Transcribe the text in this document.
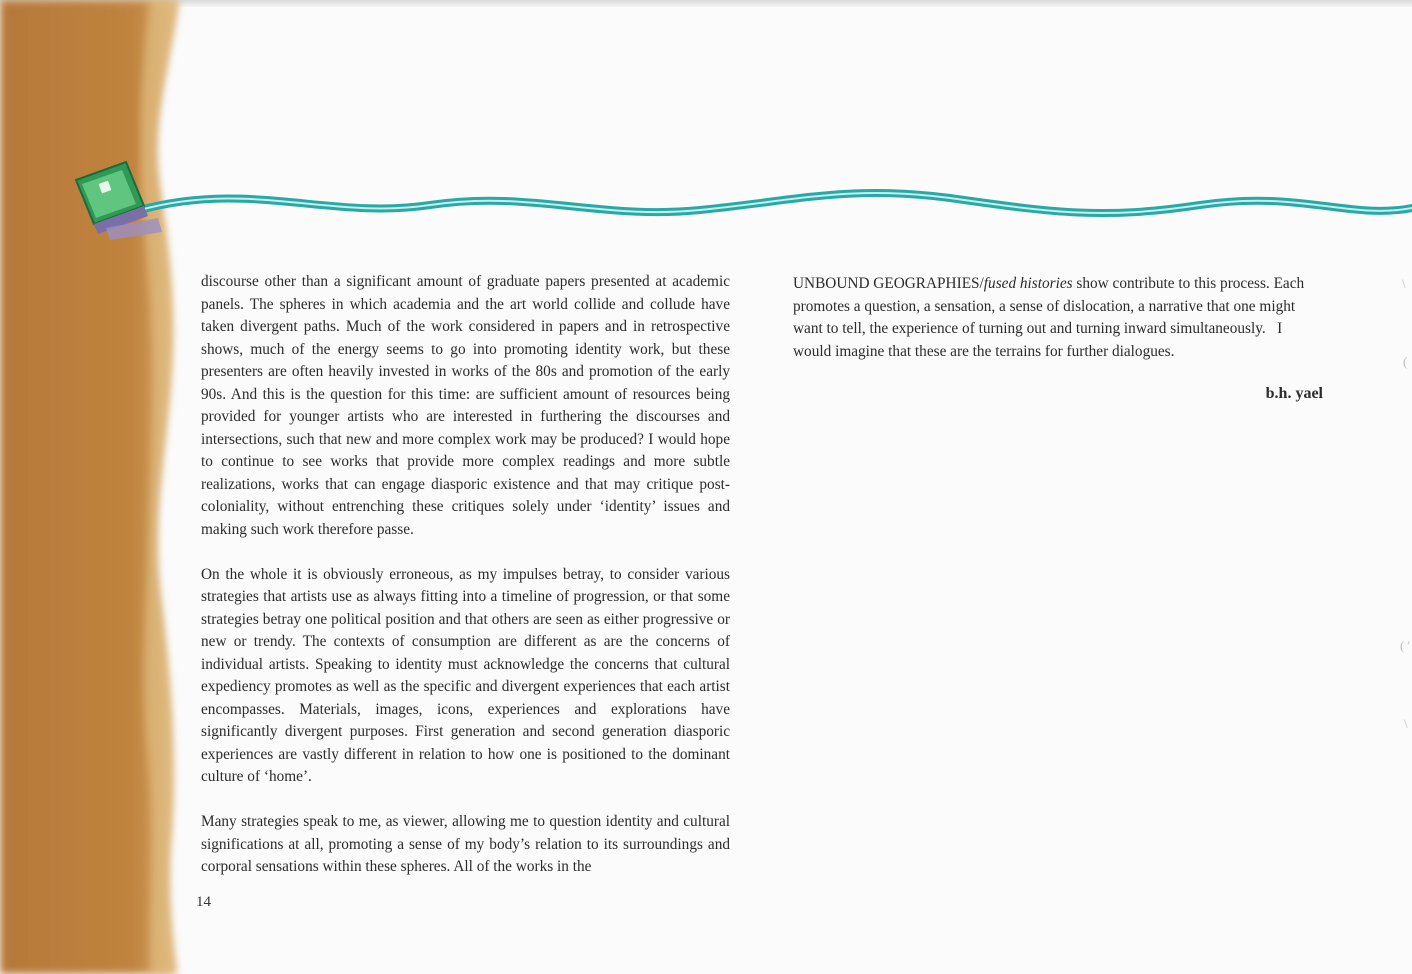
discourse other than a significant amount of graduate papers presented at academic panels. The spheres in which academia and the art world collide and collude have taken divergent paths. Much of the work considered in papers and in retrospective shows, much of the energy seems to go into promoting identity work, but these presenters are often heavily invested in works of the 80s and promotion of the early 90s. And this is the question for this time: are sufficient amount of resources being provided for younger artists who are interested in furthering the discourses and intersections, such that new and more complex work may be produced? I would hope to continue to see works that provide more complex readings and more subtle realizations, works that can engage diasporic existence and that may critique post-coloniality, without entrenching these critiques solely under ‘identity’ issues and making such work therefore passe.

On the whole it is obviously erroneous, as my impulses betray, to consider various strategies that artists use as always fitting into a timeline of progression, or that some strategies betray one political position and that others are seen as either progressive or new or trendy. The contexts of consumption are different as are the concerns of individual artists. Speaking to identity must acknowledge the concerns that cultural expediency promotes as well as the specific and divergent experiences that each artist encompasses. Materials, images, icons, experiences and explorations have significantly divergent purposes. First generation and second generation diasporic experiences are vastly different in relation to how one is positioned to the dominant culture of ‘home’.

Many strategies speak to me, as viewer, allowing me to question identity and cultural significations at all, promoting a sense of my body’s relation to its surroundings and corporal sensations within these spheres. All of the works in the

UNBOUND GEOGRAPHIES/fused histories show contribute to this process. Each
promotes a question, a sensation, a sense of dislocation, a narrative that one might
want to tell, the experience of turning out and turning inward simultaneously.   I
would imagine that these are the terrains for further dialogues.
b.h. yael
14
\
(
( '
\
